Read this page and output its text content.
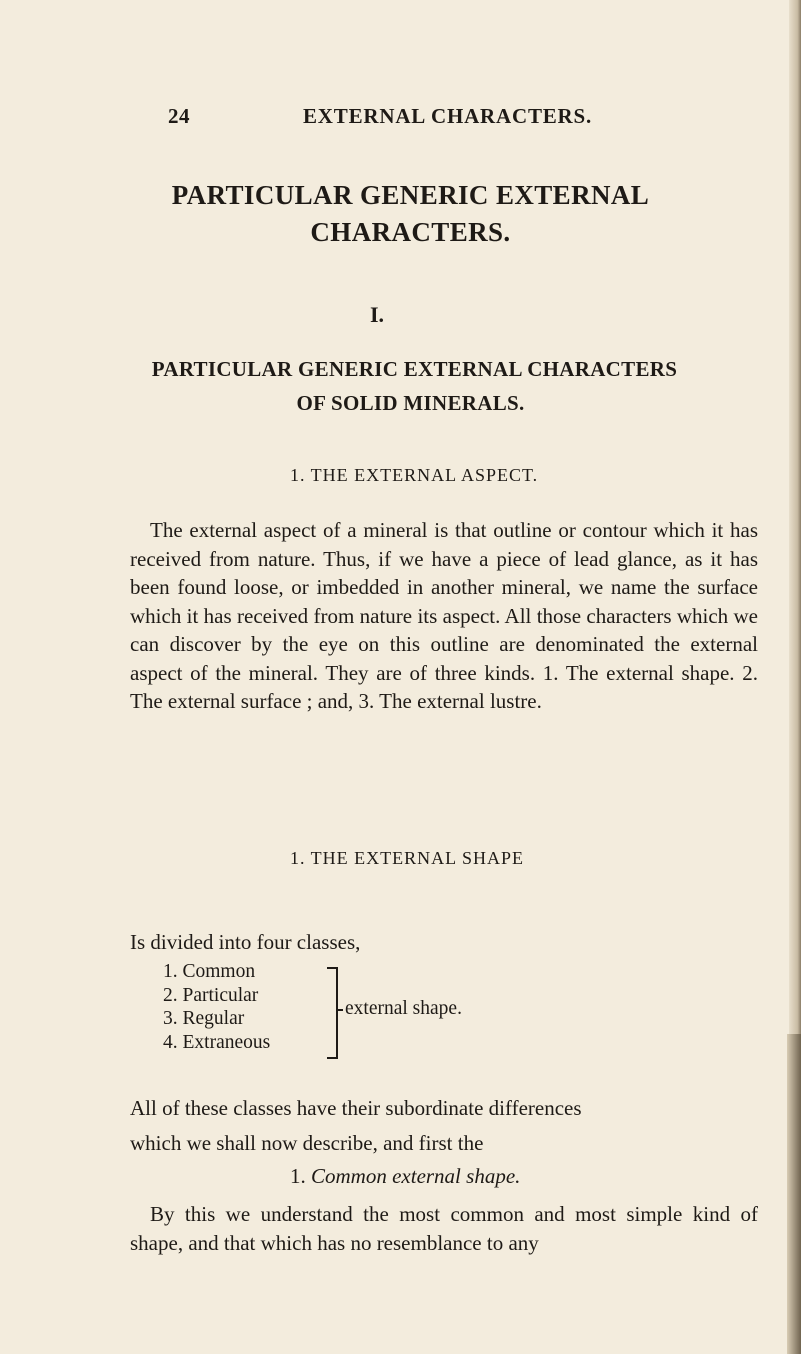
24	EXTERNAL CHARACTERS.
PARTICULAR GENERIC EXTERNAL
CHARACTERS.
I.
PARTICULAR GENERIC EXTERNAL CHARACTERS
OF SOLID MINERALS.
1. THE EXTERNAL ASPECT.
The external aspect of a mineral is that outline or contour which it has received from nature. Thus, if we have a piece of lead glance, as it has been found loose, or imbedded in another mineral, we name the surface which it has received from nature its aspect. All those characters which we can discover by the eye on this outline are denominated the external aspect of the mineral. They are of three kinds. 1. The external shape. 2. The external surface ; and, 3. The external lustre.
1. THE EXTERNAL SHAPE
Is divided into four classes,
1. Common
2. Particular
3. Regular
4. Extraneous
external shape.
All of these classes have their subordinate differences
which we shall now describe, and first the
1. Common external shape.
By this we understand the most common and most simple kind of shape, and that which has no resemblance to any
